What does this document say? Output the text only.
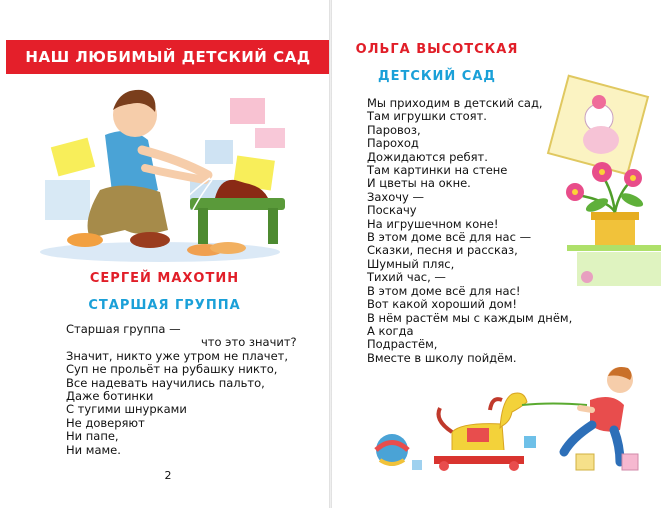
НАШ ЛЮБИМЫЙ ДЕТСКИЙ САД
СЕРГЕЙ МАХОТИН
СТАРШАЯ ГРУППА
Старшая группа —
что это значит?
Значит, никто уже утром не плачет,
Суп не прольёт на рубашку никто,
Все надевать научились пальто,
Даже ботинки
С тугими шнурками
Не доверяют
Ни папе,
Ни маме.
2
ОЛЬГА ВЫСОТСКАЯ
ДЕТСКИЙ САД
Мы приходим в детский сад,
Там игрушки стоят.
Паровоз,
Пароход
Дожидаются ребят.
Там картинки на стене
И цветы на окне.
Захочу —
Поскачу
На игрушечном коне!
В этом доме всё для нас —
Сказки, песня и рассказ,
Шумный пляс,
Тихий час, —
В этом доме всё для нас!
Вот какой хороший дом!
В нём растём мы с каждым днём,
А когда
Подрастём,
Вместе в школу пойдём.
